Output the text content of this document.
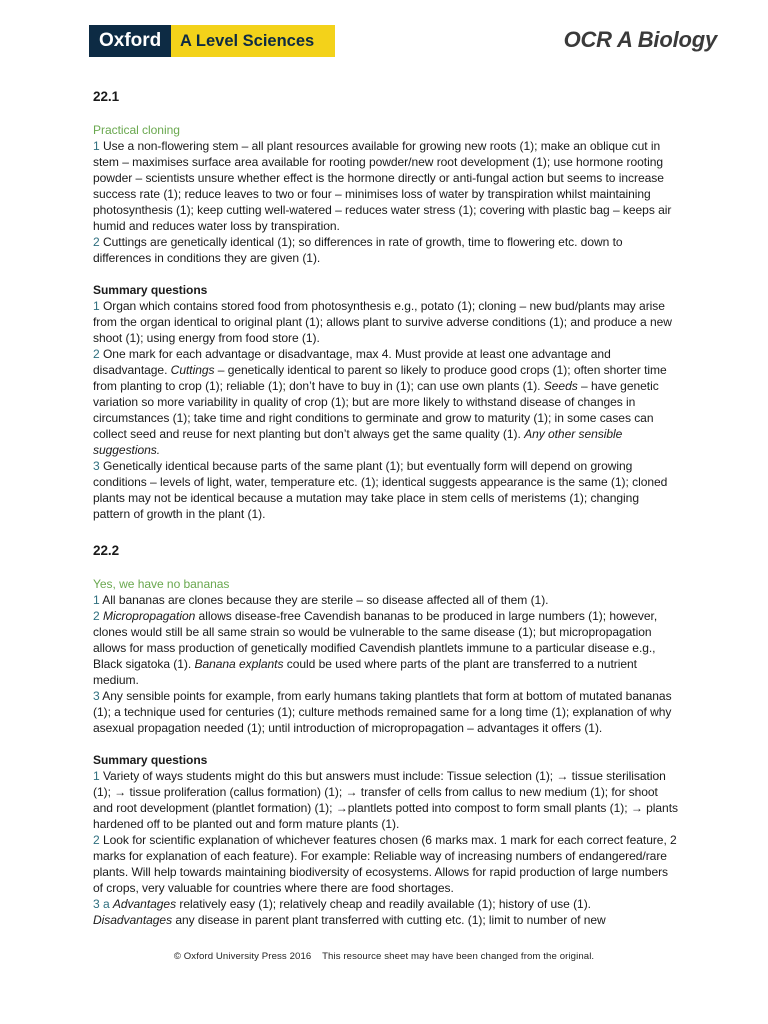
Oxford	A Level Sciences	OCR A Biology
22.1

Practical cloning

1 Use a non-flowering stem – all plant resources available for growing new roots (1); make an oblique cut in stem – maximises surface area available for rooting powder/new root development (1); use hormone rooting powder – scientists unsure whether effect is the hormone directly or anti-fungal action but seems to increase success rate (1); reduce leaves to two or four – minimises loss of water by transpiration whilst maintaining photosynthesis (1); keep cutting well-watered – reduces water stress (1); covering with plastic bag – keeps air humid and reduces water loss by transpiration.

2 Cuttings are genetically identical (1); so differences in rate of growth, time to flowering etc. down to differences in conditions they are given (1).

Summary questions

1 Organ which contains stored food from photosynthesis e.g., potato (1); cloning – new bud/plants may arise from the organ identical to original plant (1); allows plant to survive adverse conditions (1); and produce a new shoot (1); using energy from food store (1).

2 One mark for each advantage or disadvantage, max 4. Must provide at least one advantage and disadvantage. Cuttings – genetically identical to parent so likely to produce good crops (1); often shorter time from planting to crop (1); reliable (1); don’t have to buy in (1); can use own plants (1). Seeds – have genetic variation so more variability in quality of crop (1); but are more likely to withstand disease of changes in circumstances (1); take time and right conditions to germinate and grow to maturity (1); in some cases can collect seed and reuse for next planting but don’t always get the same quality (1). Any other sensible suggestions.

3 Genetically identical because parts of the same plant (1); but eventually form will depend on growing conditions – levels of light, water, temperature etc. (1); identical suggests appearance is the same (1); cloned plants may not be identical because a mutation may take place in stem cells of meristems (1); changing pattern of growth in the plant (1).

22.2

Yes, we have no bananas

1 All bananas are clones because they are sterile – so disease affected all of them (1).

2 Micropropagation allows disease-free Cavendish bananas to be produced in large numbers (1); however, clones would still be all same strain so would be vulnerable to the same disease (1); but micropropagation allows for mass production of genetically modified Cavendish plantlets immune to a particular disease e.g., Black sigatoka (1). Banana explants could be used where parts of the plant are transferred to a nutrient medium.

3 Any sensible points for example, from early humans taking plantlets that form at bottom of mutated bananas (1); a technique used for centuries (1); culture methods remained same for a long time (1); explanation of why asexual propagation needed (1); until introduction of micropropagation – advantages it offers (1).

Summary questions

1 Variety of ways students might do this but answers must include: Tissue selection (1); → tissue sterilisation (1); → tissue proliferation (callus formation) (1); → transfer of cells from callus to new medium (1); for shoot and root development (plantlet formation) (1); →plantlets potted into compost to form small plants (1); → plants hardened off to be planted out and form mature plants (1).

2 Look for scientific explanation of whichever features chosen (6 marks max. 1 mark for each correct feature, 2 marks for explanation of each feature). For example: Reliable way of increasing numbers of endangered/rare plants. Will help towards maintaining biodiversity of ecosystems. Allows for rapid production of large numbers of crops, very valuable for countries where there are food shortages.

3 a Advantages relatively easy (1); relatively cheap and readily available (1); history of use (1).
Disadvantages any disease in parent plant transferred with cutting etc. (1); limit to number of new

© Oxford University Press 2016 This resource sheet may have been changed from the original.
